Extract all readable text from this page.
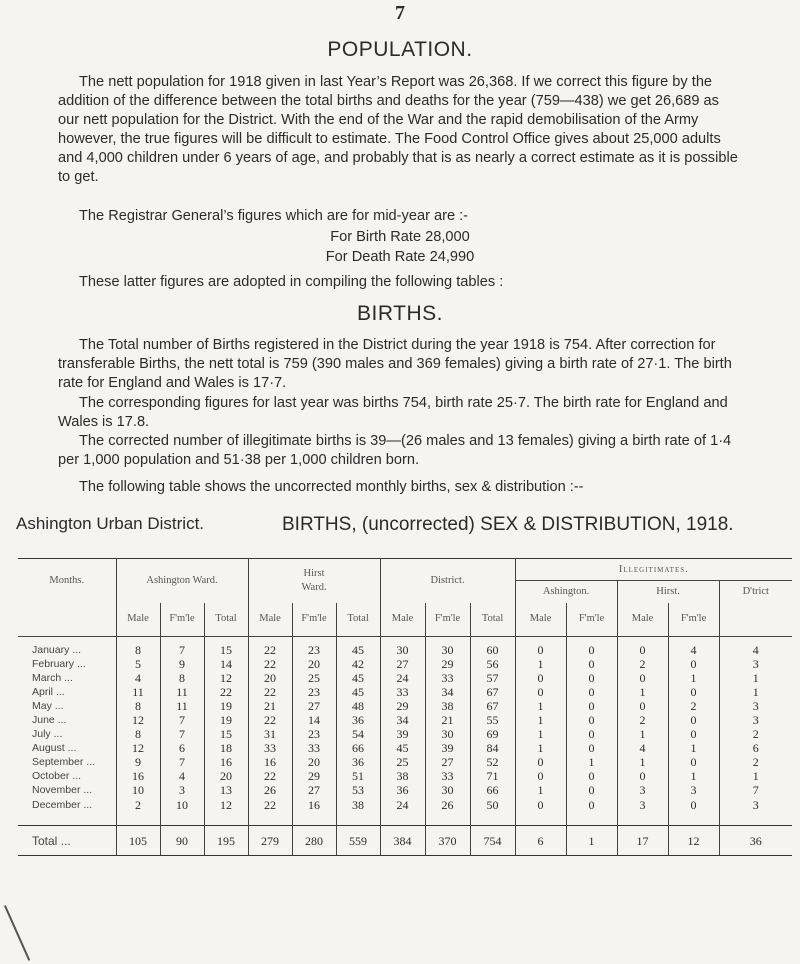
7
POPULATION.

The nett population for 1918 given in last Year’s Report was 26,368. If we correct this figure by the addition of the difference between the total births and deaths for the year (759—438) we get 26,689 as our nett population for the District. With the end of the War and the rapid demobilisation of the Army however, the true figures will be difficult to estimate. The Food Control Office gives about 25,000 adults and 4,000 children under 6 years of age, and probably that is as nearly a correct estimate as it is possible to get.

The Registrar General’s figures which are for mid-year are :-

For Birth Rate 28,000
For Death Rate 24,990

These latter figures are adopted in compiling the following tables :

BIRTHS.

The Total number of Births registered in the District during the year 1918 is 754. After correction for transferable Births, the nett total is 759 (390 males and 369 females) giving a birth rate of 27·1. The birth rate for England and Wales is 17·7.

The corresponding figures for last year was births 754, birth rate 25·7. The birth rate for England and Wales is 17.8.

The corrected number of illegitimate births is 39—(26 males and 13 females) giving a birth rate of 1·4 per 1,000 population and 51·38 per 1,000 children born.

The following table shows the uncorrected monthly births, sex & distribution :--

Ashington Urban District.	BIRTHS, (uncorrected) SEX & DISTRIBUTION, 1918.
Months.	Ashington Ward.			Hirst Ward.			District.			Illegitimates.				
										Ashington.		Hirst.		D'trict
	Male	F'm'le	Total	Male	F'm'le	Total	Male	F'm'le	Total	Male	F'm'le	Male	F'm'le	

January ...	8	7	15	22	23	45	30	30	60	0	0	0	4	4
February ...	5	9	14	22	20	42	27	29	56	1	0	2	0	3
March ...	4	8	12	20	25	45	24	33	57	0	0	0	1	1
April ...	11	11	22	22	23	45	33	34	67	0	0	1	0	1
May ...	8	11	19	21	27	48	29	38	67	1	0	0	2	3
June ...	12	7	19	22	14	36	34	21	55	1	0	2	0	3
July ...	8	7	15	31	23	54	39	30	69	1	0	1	0	2
August ...	12	6	18	33	33	66	45	39	84	1	0	4	1	6
September ...	9	7	16	16	20	36	25	27	52	0	1	1	0	2
October ...	16	4	20	22	29	51	38	33	71	0	0	0	1	1
November ...	10	3	13	26	27	53	36	30	66	1	0	3	3	7
December ...	2	10	12	22	16	38	24	26	50	0	0	3	0	3

Total ...	105	90	195	279	280	559	384	370	754	6	1	17	12	36
